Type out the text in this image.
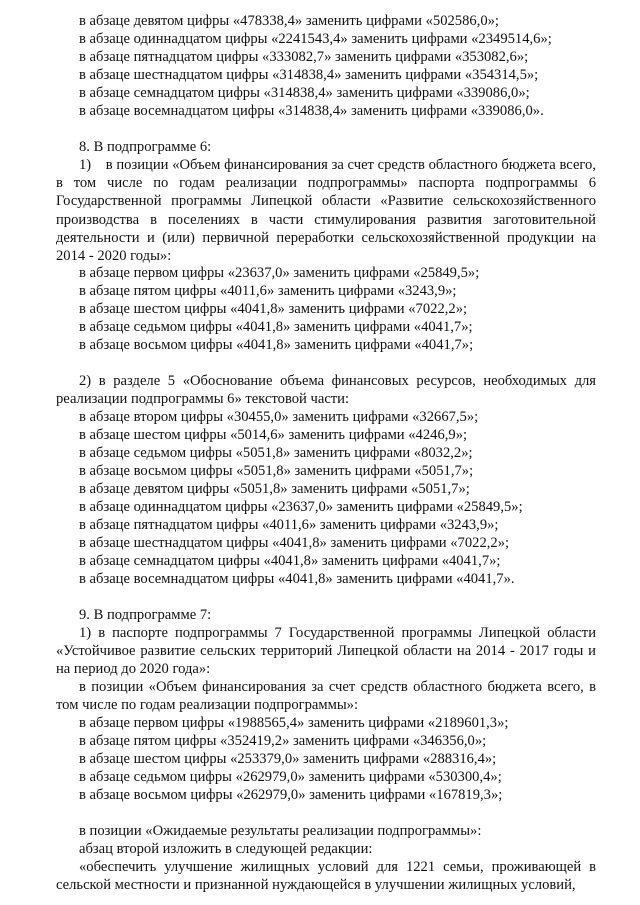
в абзаце девятом цифры «478338,4» заменить цифрами «502586,0»;
в абзаце одиннадцатом цифры «2241543,4» заменить цифрами «2349514,6»;
в абзаце пятнадцатом цифры «333082,7» заменить цифрами «353082,6»;
в абзаце шестнадцатом цифры «314838,4» заменить цифрами «354314,5»;
в абзаце семнадцатом цифры «314838,4» заменить цифрами «339086,0»;
в абзаце восемнадцатом цифры «314838,4» заменить цифрами «339086,0».
8. В подпрограмме 6:
1) в позиции «Объем финансирования за счет средств областного бюджета всего, в том числе по годам реализации подпрограммы» паспорта подпрограммы 6 Государственной программы Липецкой области «Развитие сельскохозяйственного производства в поселениях в части стимулирования развития заготовительной деятельности и (или) первичной переработки сельскохозяйственной продукции на 2014 - 2020 годы»:
в абзаце первом цифры «23637,0» заменить цифрами «25849,5»;
в абзаце пятом цифры «4011,6» заменить цифрами «3243,9»;
в абзаце шестом цифры «4041,8» заменить цифрами «7022,2»;
в абзаце седьмом цифры «4041,8» заменить цифрами «4041,7»;
в абзаце восьмом цифры «4041,8» заменить цифрами «4041,7»;
2) в разделе 5 «Обоснование объема финансовых ресурсов, необходимых для реализации подпрограммы 6» текстовой части:
в абзаце втором цифры «30455,0» заменить цифрами «32667,5»;
в абзаце шестом цифры «5014,6» заменить цифрами «4246,9»;
в абзаце седьмом цифры «5051,8» заменить цифрами «8032,2»;
в абзаце восьмом цифры «5051,8» заменить цифрами «5051,7»;
в абзаце девятом цифры «5051,8» заменить цифрами «5051,7»;
в абзаце одиннадцатом цифры «23637,0» заменить цифрами «25849,5»;
в абзаце пятнадцатом цифры «4011,6» заменить цифрами «3243,9»;
в абзаце шестнадцатом цифры «4041,8» заменить цифрами «7022,2»;
в абзаце семнадцатом цифры «4041,8» заменить цифрами «4041,7»;
в абзаце восемнадцатом цифры «4041,8» заменить цифрами «4041,7».
9. В подпрограмме 7:
1) в паспорте подпрограммы 7 Государственной программы Липецкой области «Устойчивое развитие сельских территорий Липецкой области на 2014 - 2017 годы и на период до 2020 года»:
в позиции «Объем финансирования за счет средств областного бюджета всего, в том числе по годам реализации подпрограммы»:
в абзаце первом цифры «1988565,4» заменить цифрами «2189601,3»;
в абзаце пятом цифры «352419,2» заменить цифрами «346356,0»;
в абзаце шестом цифры «253379,0» заменить цифрами «288316,4»;
в абзаце седьмом цифры «262979,0» заменить цифрами «530300,4»;
в абзаце восьмом цифры «262979,0» заменить цифрами «167819,3»;
в позиции «Ожидаемые результаты реализации подпрограммы»:
абзац второй изложить в следующей редакции:
«обеспечить улучшение жилищных условий для 1221 семьи, проживающей в сельской местности и признанной нуждающейся в улучшении жилищных условий,
